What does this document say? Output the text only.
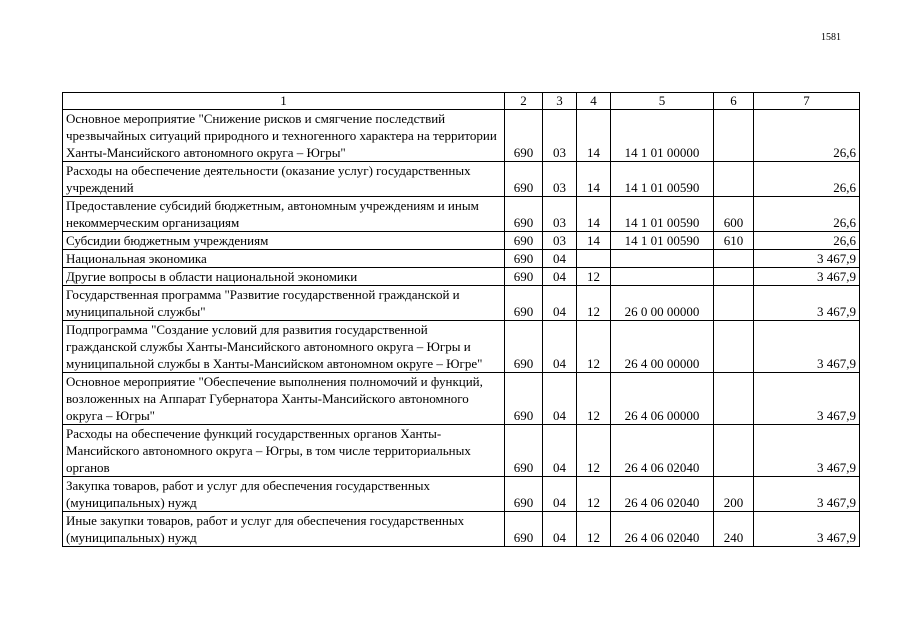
1581
1	2	3	4	5	6	7
Основное мероприятие "Снижение рисков и смягчение последствий чрезвычайных ситуаций природного и техногенного характера на территории Ханты-Мансийского автономного округа – Югры"	690	03	14	14 1 01 00000		26,6
Расходы на обеспечение деятельности (оказание услуг) государственных учреждений	690	03	14	14 1 01 00590		26,6
Предоставление субсидий бюджетным, автономным учреждениям и иным некоммерческим организациям	690	03	14	14 1 01 00590	600	26,6
Субсидии бюджетным учреждениям	690	03	14	14 1 01 00590	610	26,6
Национальная экономика	690	04				3 467,9
Другие вопросы в области национальной экономики	690	04	12			3 467,9
Государственная программа "Развитие государственной гражданской и муниципальной службы"	690	04	12	26 0 00 00000		3 467,9
Подпрограмма "Создание условий для развития государственной гражданской службы Ханты-Мансийского автономного округа – Югры и муниципальной службы в Ханты-Мансийском автономном округе – Югре"	690	04	12	26 4 00 00000		3 467,9
Основное мероприятие "Обеспечение выполнения полномочий и функций, возложенных на Аппарат Губернатора Ханты-Мансийского автономного округа – Югры"	690	04	12	26 4 06 00000		3 467,9
Расходы на обеспечение функций государственных органов Ханты-Мансийского автономного округа – Югры, в том числе территориальных органов	690	04	12	26 4 06 02040		3 467,9
Закупка товаров, работ и услуг для обеспечения государственных (муниципальных) нужд	690	04	12	26 4 06 02040	200	3 467,9
Иные закупки товаров, работ и услуг для обеспечения государственных (муниципальных) нужд	690	04	12	26 4 06 02040	240	3 467,9
